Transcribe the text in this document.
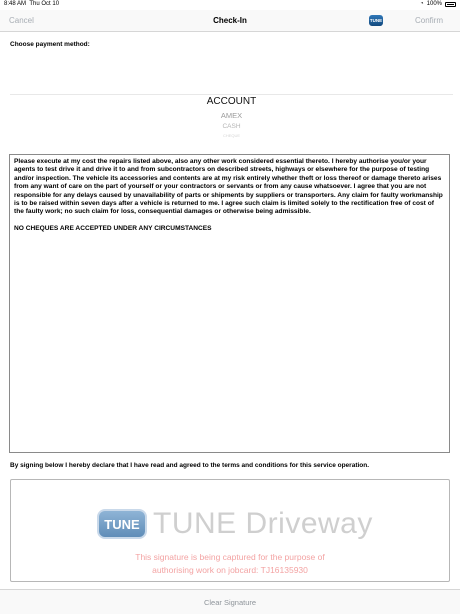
8:48 AM Thu Oct 10	◔ 100%
Cancel	Check-In	TUNE	Confirm
Choose payment method:
ACCOUNT
AMEX
CASH
CHEQUE

Please execute at my cost the repairs listed above, also any other work considered essential thereto. I hereby authorise you/or your agents to test drive it and drive it to and from subcontractors on described streets, highways or elsewhere for the purpose of testing and/or inspection. The vehicle its accessories and contents are at my risk entirely whether theft or loss thereof or damage thereto arises from any want of care on the part of yourself or your contractors or servants or from any cause whatsoever. I agree that you are not responsible for any delays caused by unavailability of parts or shipments by suppliers or transporters. Any claim for faulty workmanship is to be raised within seven days after a vehicle is returned to me. I agree such claim is limited solely to the rectification free of cost of the faulty work; no such claim for loss, consequential damages or otherwise being admissible.

NO CHEQUES ARE ACCEPTED UNDER ANY CIRCUMSTANCES

By signing below I hereby declare that I have read and agreed to the terms and conditions for this service operation.
TUNE TUNE Driveway
This signature is being captured for the purpose of
authorising work on jobcard: TJ16135930
Clear Signature
